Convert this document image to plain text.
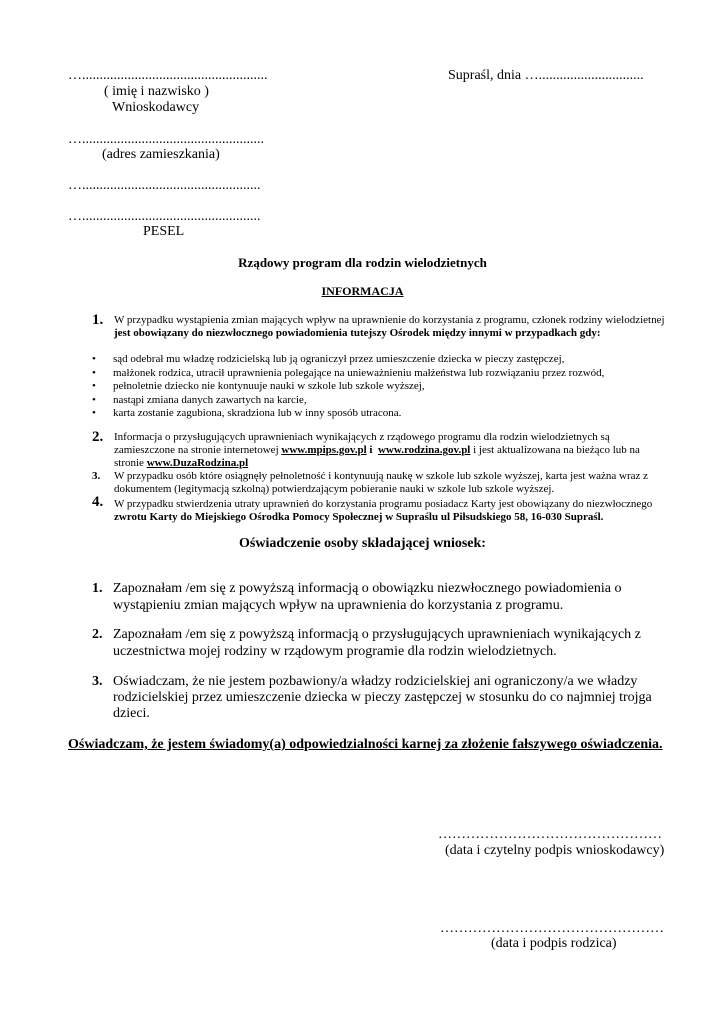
….....................................................	Supraśl, dnia …..............................
( imię i nazwisko )
Wnioskodawcy
…....................................................
(adres zamieszkania)
…...................................................
…...................................................
PESEL
Rządowy program dla rodzin wielodzietnych
INFORMACJA
1. W przypadku wystąpienia zmian mających wpływ na uprawnienie do korzystania z programu, członek rodziny wielodzietnej
jest obowiązany do niezwłocznego powiadomienia tutejszy Ośrodek między innymi w przypadkach gdy:
• sąd odebrał mu władzę rodzicielską lub ją ograniczył przez umieszczenie dziecka w pieczy zastępczej,
• małżonek rodzica, utracił uprawnienia polegające na unieważnieniu małżeństwa lub rozwiązaniu przez rozwód,
• pełnoletnie dziecko nie kontynuuje nauki w szkole lub szkole wyższej,
• nastąpi zmiana danych zawartych na karcie,
• karta zostanie zagubiona, skradziona lub w inny sposób utracona.
2. Informacja o przysługujących uprawnieniach wynikających z rządowego programu dla rodzin wielodzietnych są
zamieszczone na stronie internetowej www.mpips.gov.pl i www.rodzina.gov.pl i jest aktualizowana na bieżąco lub na
stronie www.DuzaRodzina.pl
3. W przypadku osób które osiągnęły pełnoletność i kontynuują naukę w szkole lub szkole wyższej, karta jest ważna wraz z
dokumentem (legitymacją szkolną) potwierdzającym pobieranie nauki w szkole lub szkole wyższej.
4. W przypadku stwierdzenia utraty uprawnień do korzystania programu posiadacz Karty jest obowiązany do niezwłocznego
zwrotu Karty do Miejskiego Ośrodka Pomocy Społecznej w Supraślu ul Piłsudskiego 58, 16-030 Supraśl.
Oświadczenie osoby składającej wniosek:
1. Zapoznałam /em się z powyższą informacją o obowiązku niezwłocznego powiadomienia o
wystąpieniu zmian mających wpływ na uprawnienia do korzystania z programu.
2. Zapoznałam /em się z powyższą informacją o przysługujących uprawnieniach wynikających z
uczestnictwa mojej rodziny w rządowym programie dla rodzin wielodzietnych.
3. Oświadczam, że nie jestem pozbawiony/a władzy rodzicielskiej ani ograniczony/a we władzy
rodzicielskiej przez umieszczenie dziecka w pieczy zastępczej w stosunku do co najmniej trojga
dzieci.
Oświadczam, że jestem świadomy(a) odpowiedzialności karnej za złożenie fałszywego oświadczenia.
…………………………………………
(data i czytelny podpis wnioskodawcy)
…………………………………………
(data i podpis rodzica)
